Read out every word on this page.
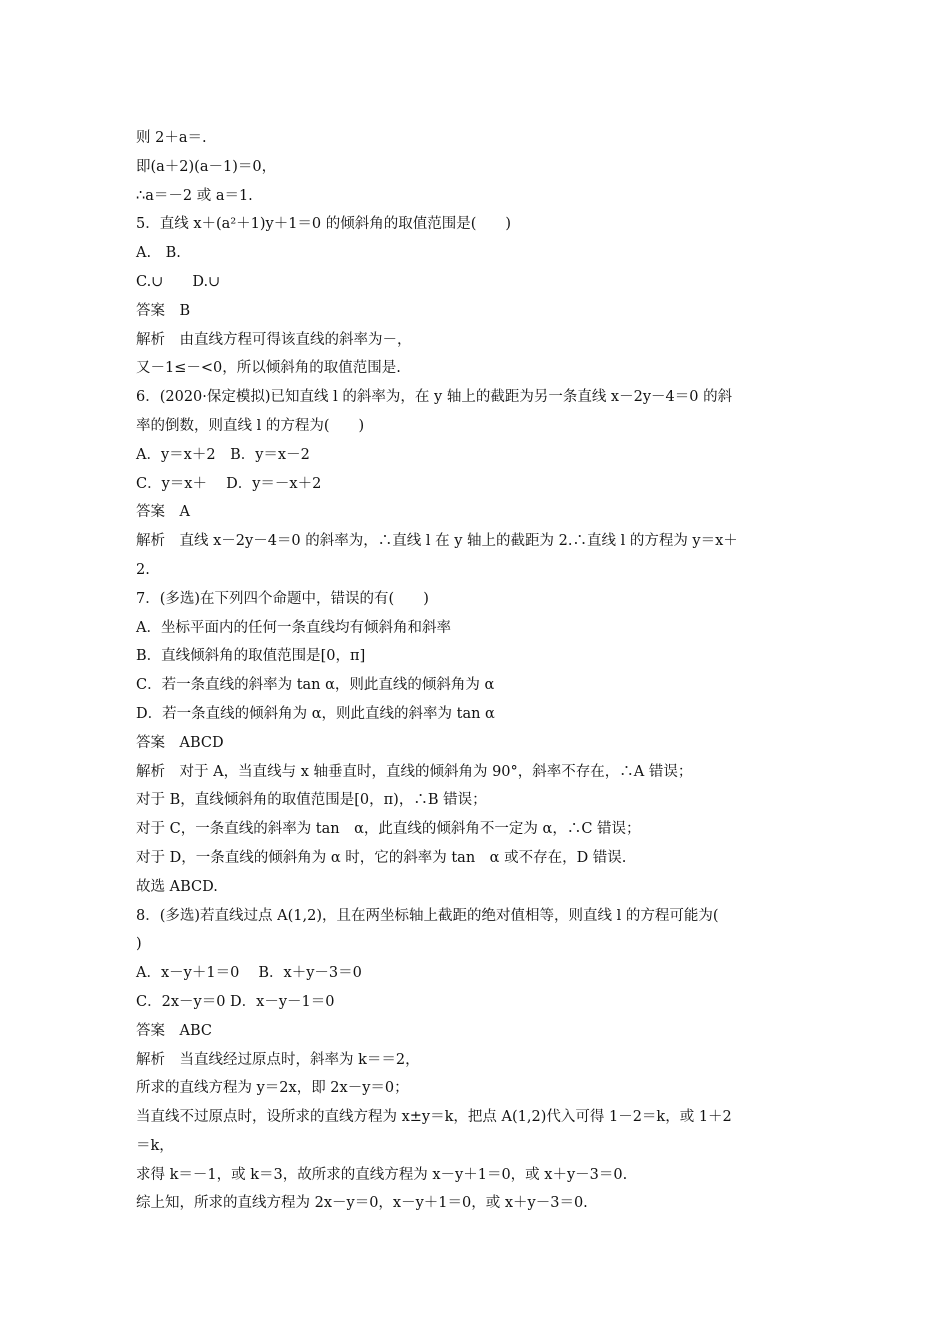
则 2＋a＝.
即(a＋2)(a－1)＝0，
∴a＝－2 或 a＝1.
5．直线 x＋(a²＋1)y＋1＝0 的倾斜角的取值范围是(　　)
A.　B.
C.∪　　D.∪
答案　B
解析　由直线方程可得该直线的斜率为－，
又－1≤－<0，所以倾斜角的取值范围是.
6．(2020·保定模拟)已知直线 l 的斜率为，在 y 轴上的截距为另一条直线 x－2y－4＝0 的斜
率的倒数，则直线 l 的方程为(　　)
A．y＝x＋2　B．y＝x－2
C．y＝x＋　 D．y＝－x＋2
答案　A
解析　直线 x－2y－4＝0 的斜率为，∴直线 l 在 y 轴上的截距为 2.∴直线 l 的方程为 y＝x＋
2.
7．(多选)在下列四个命题中，错误的有(　　)
A．坐标平面内的任何一条直线均有倾斜角和斜率
B．直线倾斜角的取值范围是[0，π]
C．若一条直线的斜率为 tan α，则此直线的倾斜角为 α
D．若一条直线的倾斜角为 α，则此直线的斜率为 tan α
答案　ABCD
解析　对于 A，当直线与 x 轴垂直时，直线的倾斜角为 90°，斜率不存在，∴A 错误；
对于 B，直线倾斜角的取值范围是[0，π)，∴B 错误；
对于 C，一条直线的斜率为 tan　α，此直线的倾斜角不一定为 α，∴C 错误；
对于 D，一条直线的倾斜角为 α 时，它的斜率为 tan　α 或不存在，D 错误.
故选 ABCD.
8．(多选)若直线过点 A(1,2)，且在两坐标轴上截距的绝对值相等，则直线 l 的方程可能为(
)
A．x－y＋1＝0　 B．x＋y－3＝0
C．2x－y＝0 D．x－y－1＝0
答案　ABC
解析　当直线经过原点时，斜率为 k＝＝2，
所求的直线方程为 y＝2x，即 2x－y＝0；
当直线不过原点时，设所求的直线方程为 x±y＝k，把点 A(1,2)代入可得 1－2＝k，或 1＋2
＝k，
求得 k＝－1，或 k＝3，故所求的直线方程为 x－y＋1＝0，或 x＋y－3＝0.
综上知，所求的直线方程为 2x－y＝0，x－y＋1＝0，或 x＋y－3＝0.
